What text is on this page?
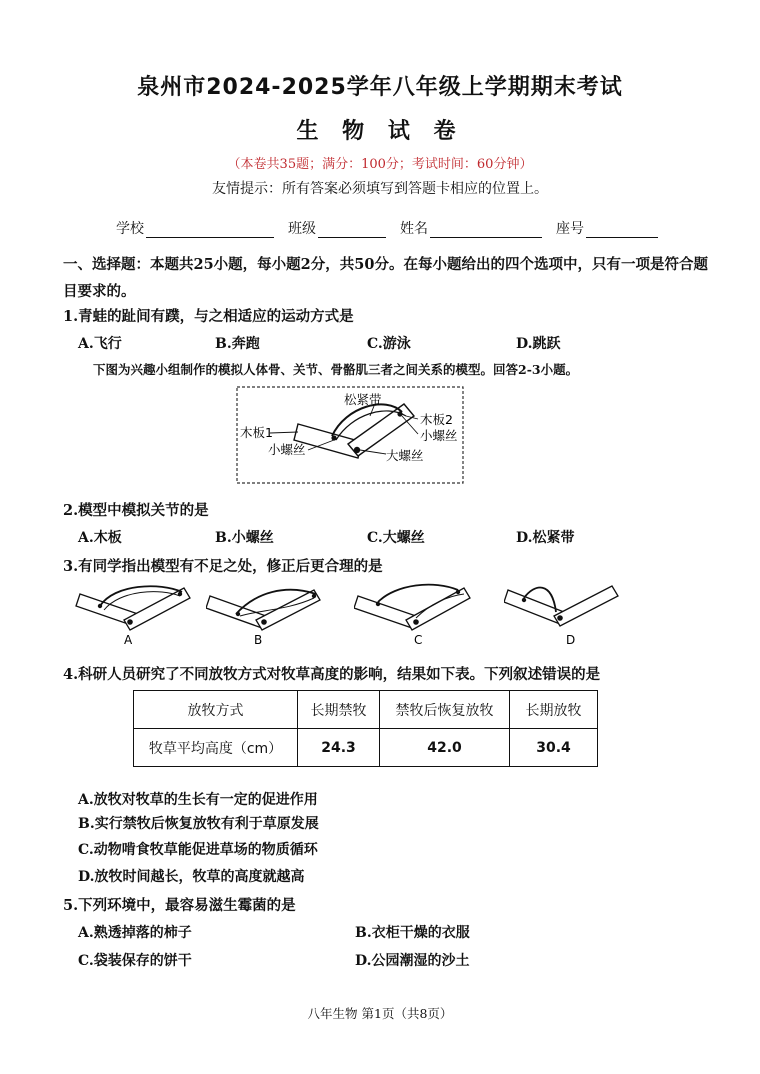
泉州市2024-2025学年八年级上学期期末考试
生 物 试 卷
（本卷共35题；满分：100分；考试时间：60分钟）
友情提示：所有答案必须填写到答题卡相应的位置上。
学校	班级	姓名	座号
一、选择题：本题共25小题，每小题2分，共50分。在每小题给出的四个选项中，只有一项是符合题目要求的。
1.青蛙的趾间有蹼，与之相适应的运动方式是
A.飞行	B.奔跑	C.游泳	D.跳跃
下图为兴趣小组制作的模拟人体骨、关节、骨骼肌三者之间关系的模型。回答2-3小题。
松紧带
木板2
小螺丝
木板1
小螺丝	大螺丝
2.模型中模拟关节的是
A.木板	B.小螺丝	C.大螺丝	D.松紧带
3.有同学指出模型有不足之处，修正后更合理的是
A	B	C	D
4.科研人员研究了不同放牧方式对牧草高度的影响，结果如下表。下列叙述错误的是
放牧方式	长期禁牧	禁牧后恢复放牧	长期放牧
牧草平均高度（cm）	24.3	42.0	30.4
A.放牧对牧草的生长有一定的促进作用
B.实行禁牧后恢复放牧有利于草原发展
C.动物啃食牧草能促进草场的物质循环
D.放牧时间越长，牧草的高度就越高
5.下列环境中，最容易滋生霉菌的是
A.熟透掉落的柿子	B.衣柜干燥的衣服
C.袋装保存的饼干	D.公园潮湿的沙土
八年生物 第1页（共8页）
